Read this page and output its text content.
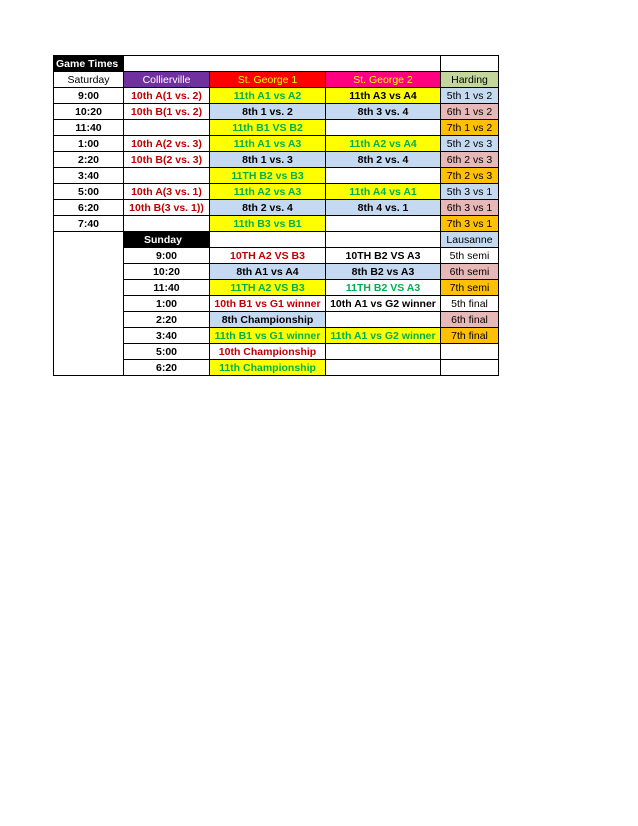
Game Times				
Saturday	Collierville	St. George 1	St. George 2	Harding
9:00	10th A(1 vs. 2)	11th A1 vs A2	11th A3 vs A4	5th 1 vs 2
10:20	10th B(1 vs. 2)	8th 1 vs. 2	8th 3 vs. 4	6th 1 vs 2
11:40		11th B1 VS B2		7th 1 vs 2
1:00	10th A(2 vs. 3)	11th A1 vs A3	11th A2 vs A4	5th 2 vs 3
2:20	10th B(2 vs. 3)	8th 1 vs. 3	8th 2 vs. 4	6th 2 vs 3
3:40		11TH B2 vs B3		7th 2 vs 3
5:00	10th A(3 vs. 1)	11th A2 vs A3	11th A4 vs A1	5th 3 vs 1
6:20	10th B(3 vs. 1))	8th 2 vs. 4	8th 4 vs. 1	6th 3 vs 1
7:40		11th B3 vs B1		7th 3 vs 1
	Sunday			Lausanne
	9:00	10TH A2 VS B3	10TH B2 VS A3	5th semi
	10:20	8th A1 vs A4	8th B2 vs A3	6th semi
	11:40	11TH A2 VS B3	11TH B2 VS A3	7th semi
	1:00	10th B1 vs G1 winner	10th A1 vs G2 winner	5th final
	2:20	8th Championship		6th final
	3:40	11th B1 vs G1 winner	11th A1 vs G2 winner	7th final
	5:00	10th Championship		
	6:20	11th Championship		
